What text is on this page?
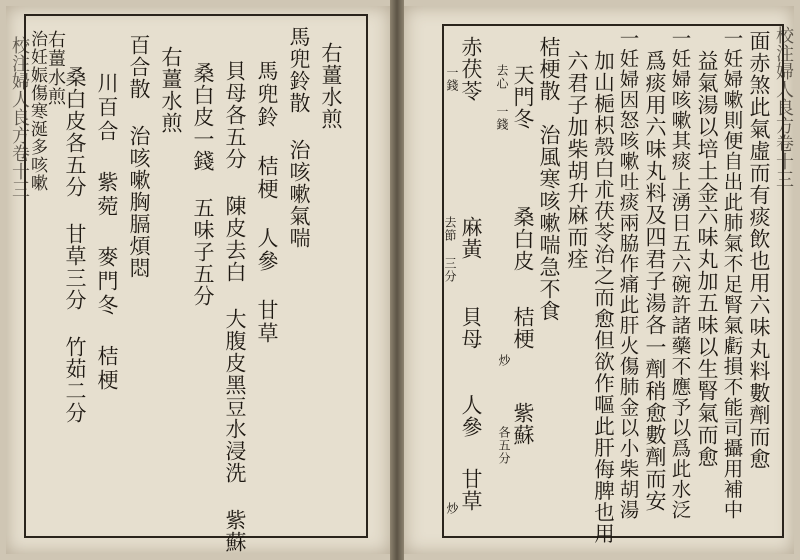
校注婦人良方卷十三	右薑水煎
馬兜鈴散 治咳嗽氣喘
馬兜鈴 桔梗 人參 甘草
貝母各五分 陳皮去白 大腹皮黑豆水浸洗 紫蘇
桑白皮一錢 五味子五分
右薑水煎
百合散 治咳嗽胸膈煩悶
川百合 紫菀 麥門冬 桔梗
桑白皮各五分 甘草三分 竹茹二分
右薑水煎
治妊娠傷寒涎多咳嗽	校注婦人良方卷十三
面赤煞此氣虛而有痰飲也用六味丸料數劑而愈
一妊婦嗽則便自出此肺氣不足腎氣虧損不能司攝用補中
益氣湯以培土金六味丸加五味以生腎氣而愈
一妊婦咳嗽其痰上湧日五六碗許諸藥不應予以爲此水泛
爲痰用六味丸料及四君子湯各一劑稍愈數劑而安
一妊婦因怒咳嗽吐痰兩脇作痛此肝火傷肺金以小柴胡湯
加山梔枳殼白朮茯苓治之而愈但欲作嘔此肝侮脾也用
六君子加柴胡升麻而痊
桔梗散
治風寒咳嗽喘急不食
天門冬
去心 一錢
桑白皮
桔梗
炒
紫蘇
各五分
赤茯苓
一錢
麻黃
去節 三分
貝母
人參
甘草
炒
